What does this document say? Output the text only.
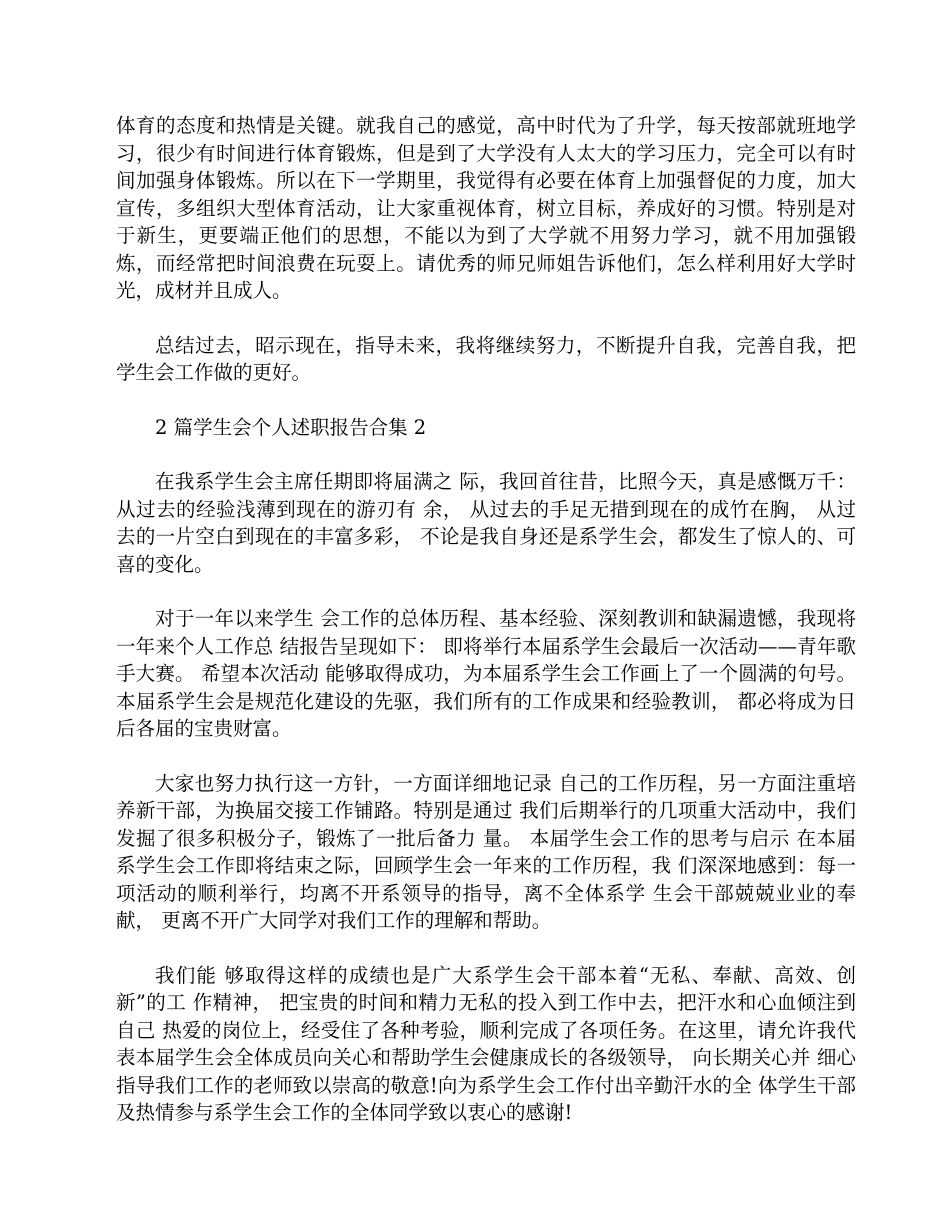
体育的态度和热情是关键。就我自己的感觉，高中时代为了升学，每天按部就班地学习，很少有时间进行体育锻炼，但是到了大学没有人太大的学习压力，完全可以有时间加强身体锻炼。所以在下一学期里，我觉得有必要在体育上加强督促的力度，加大宣传，多组织大型体育活动，让大家重视体育，树立目标，养成好的习惯。特别是对于新生，更要端正他们的思想，不能以为到了大学就不用努力学习，就不用加强锻炼，而经常把时间浪费在玩耍上。请优秀的师兄师姐告诉他们，怎么样利用好大学时光，成材并且成人。

总结过去，昭示现在，指导未来，我将继续努力，不断提升自我，完善自我，把学生会工作做的更好。

2 篇学生会个人述职报告合集 2

在我系学生会主席任期即将届满之 际，我回首往昔，比照今天，真是感慨万千：从过去的经验浅薄到现在的游刃有 余， 从过去的手足无措到现在的成竹在胸， 从过去的一片空白到现在的丰富多彩， 不论是我自身还是系学生会，都发生了惊人的、可喜的变化。

对于一年以来学生 会工作的总体历程、基本经验、深刻教训和缺漏遗憾，我现将一年来个人工作总 结报告呈现如下： 即将举行本届系学生会最后一次活动——青年歌手大赛。 希望本次活动 能够取得成功，为本届系学生会工作画上了一个圆满的句号。 本届系学生会是规范化建设的先驱，我们所有的工作成果和经验教训， 都必将成为日后各届的宝贵财富。

大家也努力执行这一方针，一方面详细地记录 自己的工作历程，另一方面注重培养新干部，为换届交接工作铺路。特别是通过 我们后期举行的几项重大活动中，我们发掘了很多积极分子，锻炼了一批后备力 量。 本届学生会工作的思考与启示 在本届系学生会工作即将结束之际，回顾学生会一年来的工作历程，我 们深深地感到：每一项活动的顺利举行，均离不开系领导的指导，离不全体系学 生会干部兢兢业业的奉献， 更离不开广大同学对我们工作的理解和帮助。

我们能 够取得这样的成绩也是广大系学生会干部本着“无私、奉献、高效、创新”的工 作精神， 把宝贵的时间和精力无私的投入到工作中去，把汗水和心血倾注到自己 热爱的岗位上，经受住了各种考验，顺利完成了各项任务。在这里，请允许我代 表本届学生会全体成员向关心和帮助学生会健康成长的各级领导， 向长期关心并 细心指导我们工作的老师致以崇高的敬意!向为系学生会工作付出辛勤汗水的全 体学生干部及热情参与系学生会工作的全体同学致以衷心的感谢!
